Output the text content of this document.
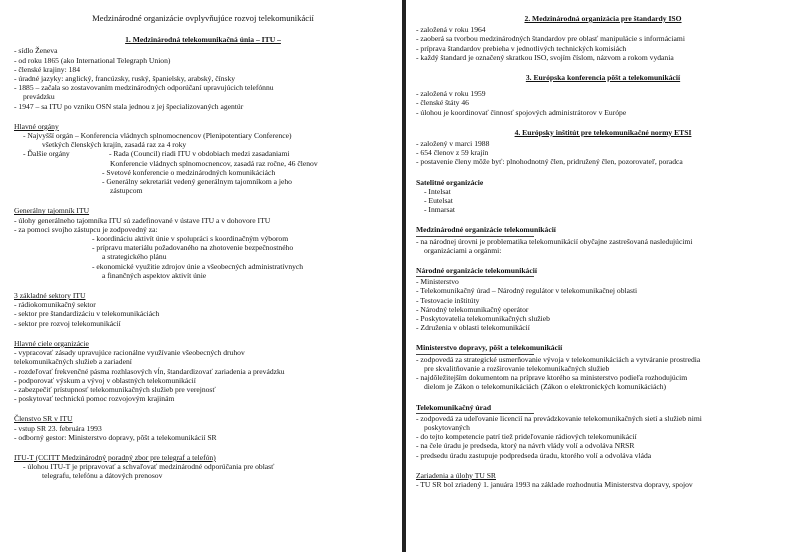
Medzinárodné organizácie ovplyvňujúce rozvoj telekomunikácií
1. Medzinárodná telekomunikačná únia – ITU –
- sídlo Ženeva
- od roku 1865 (ako International Telegraph Union)
- členské krajiny: 184
- úradné jazyky: anglický, francúzsky, ruský, španielsky, arabský, čínsky
- 1885 – začala so zostavovaním medzinárodných odporúčaní upravujúcich telefónnu
prevádzku
- 1947 – sa ITU po vzniku OSN stala jednou z jej špecializovaných agentúr
Hlavné orgány
- Najvyšší orgán – Konferencia vládnych splnomocnencov (Plenipotentiary Conference)
všetkých členských krajín, zasadá raz za 4 roky
- Ďalšie orgány	- Rada (Council) riadi ITU v obdobiach medzi zasadaniami
Konferencie vládnych splnomocnencov, zasadá raz ročne, 46 členov
- Svetové konferencie o medzinárodných komunikáciách
- Generálny sekretariát vedený generálnym tajomníkom a jeho
zástupcom
Generálny tajomník ITU
- úlohy generálneho tajomníka ITU sú zadefinované v ústave ITU a v dohovore ITU
- za pomoci svojho zástupcu je zodpovedný za:
- koordináciu aktivít únie v spolupráci s koordinačným výborom
- prípravu materiálu požadovaného na zhotovenie bezpečnostného
a strategického plánu
- ekonomické využitie zdrojov únie a všeobecných administratívnych
a finančných aspektov aktivít únie
3 základné sektory ITU
- rádiokomunikačný sektor
- sektor pre štandardizáciu v telekomunikáciách
- sektor pre rozvoj telekomunikácií
Hlavné ciele organizácie
- vypracovať zásady upravujúce racionálne využívanie všeobecných druhov
telekomunikačných služieb a zariadení
- rozdeľovať frekvenčné pásma rozhlasových vĺn, štandardizovať zariadenia a prevádzku
- podporovať výskum a vývoj v oblastných telekomunikácií
- zabezpečiť prístupnosť telekomunikačných služieb pre verejnosť
- poskytovať technickú pomoc rozvojovým krajinám
Členstvo SR v ITU
- vstup SR 23. februára 1993
- odborný gestor: Ministerstvo dopravy, pôšt a telekomunikácií SR
ITU-T (CCITT Medzinárodný poradný zbor pre telegraf a telefón)
- úlohou ITU-T je pripravovať a schvaľovať medzinárodné odporúčania pre oblasť
telegrafu, telefónu a dátových prenosov
2. Medzinárodná organizácia pre štandardy ISO
- založená v roku 1964
- zaoberá sa tvorbou medzinárodných štandardov pre oblasť manipulácie s informáciami
- príprava štandardov prebieha v jednotlivých technických komisiách
- každý štandard je označený skratkou ISO, svojím číslom, názvom a rokom vydania
3. Európska konferencia pôšt a telekomunikácií
- založená v roku 1959
- členské štáty 46
- úlohou je koordinovať činnosť spojových administrátorov v Európe
4. Európsky inštitút pre telekomunikačné normy ETSI
- založený v marci 1988
- 654 členov z 59 krajín
- postavenie členy môže byť: plnohodnotný člen, pridružený člen, pozorovateľ, poradca
Satelitné organizácie
- Intelsat
- Eutelsat
- Inmarsat
Medzinárodné organizácie telekomunikácií
- na národnej úrovni je problematika telekomunikácií obyčajne zastrešovaná nasledujúcimi
organizáciami a orgánmi:
Národné organizácie telekomunikácií
- Ministerstvo
- Telekomunikačný úrad – Národný regulátor v telekomunikačnej oblasti
- Testovacie inštitúty
- Národný telekomunikačný operátor
- Poskytovatelia telekomunikačných služieb
- Združenia v oblasti telekomunikácií
Ministerstvo dopravy, pôšt a telekomunikácií
- zodpovedá za strategické usmerňovanie vývoja v telekomunikáciách a vytváranie prostredia
pre skvalitňovanie a rozširovanie telekomunikačných služieb
- najdôležitejším dokumentom na príprave ktorého sa ministerstvo podieľa rozhodujúcim
dielom je Zákon o telekomunikáciách (Zákon o elektronických komunikáciách)
Telekomunikačný úrad
- zodpovedá za udeľovanie licencií na prevádzkovanie telekomunikačných sietí a služieb nimi
poskytovaných
- do tejto kompetencie patrí tiež prideľovanie rádiových telekomunikácií
- na čele úradu je predseda, ktorý na návrh vlády volí a odvoláva NRSR
- predsedu úradu zastupuje podpredseda úradu, ktorého volí a odvoláva vláda
Zariadenia a úlohy TU SR
- TU SR bol zriadený 1. januára 1993 na základe rozhodnutia Ministerstva dopravy, spojov
